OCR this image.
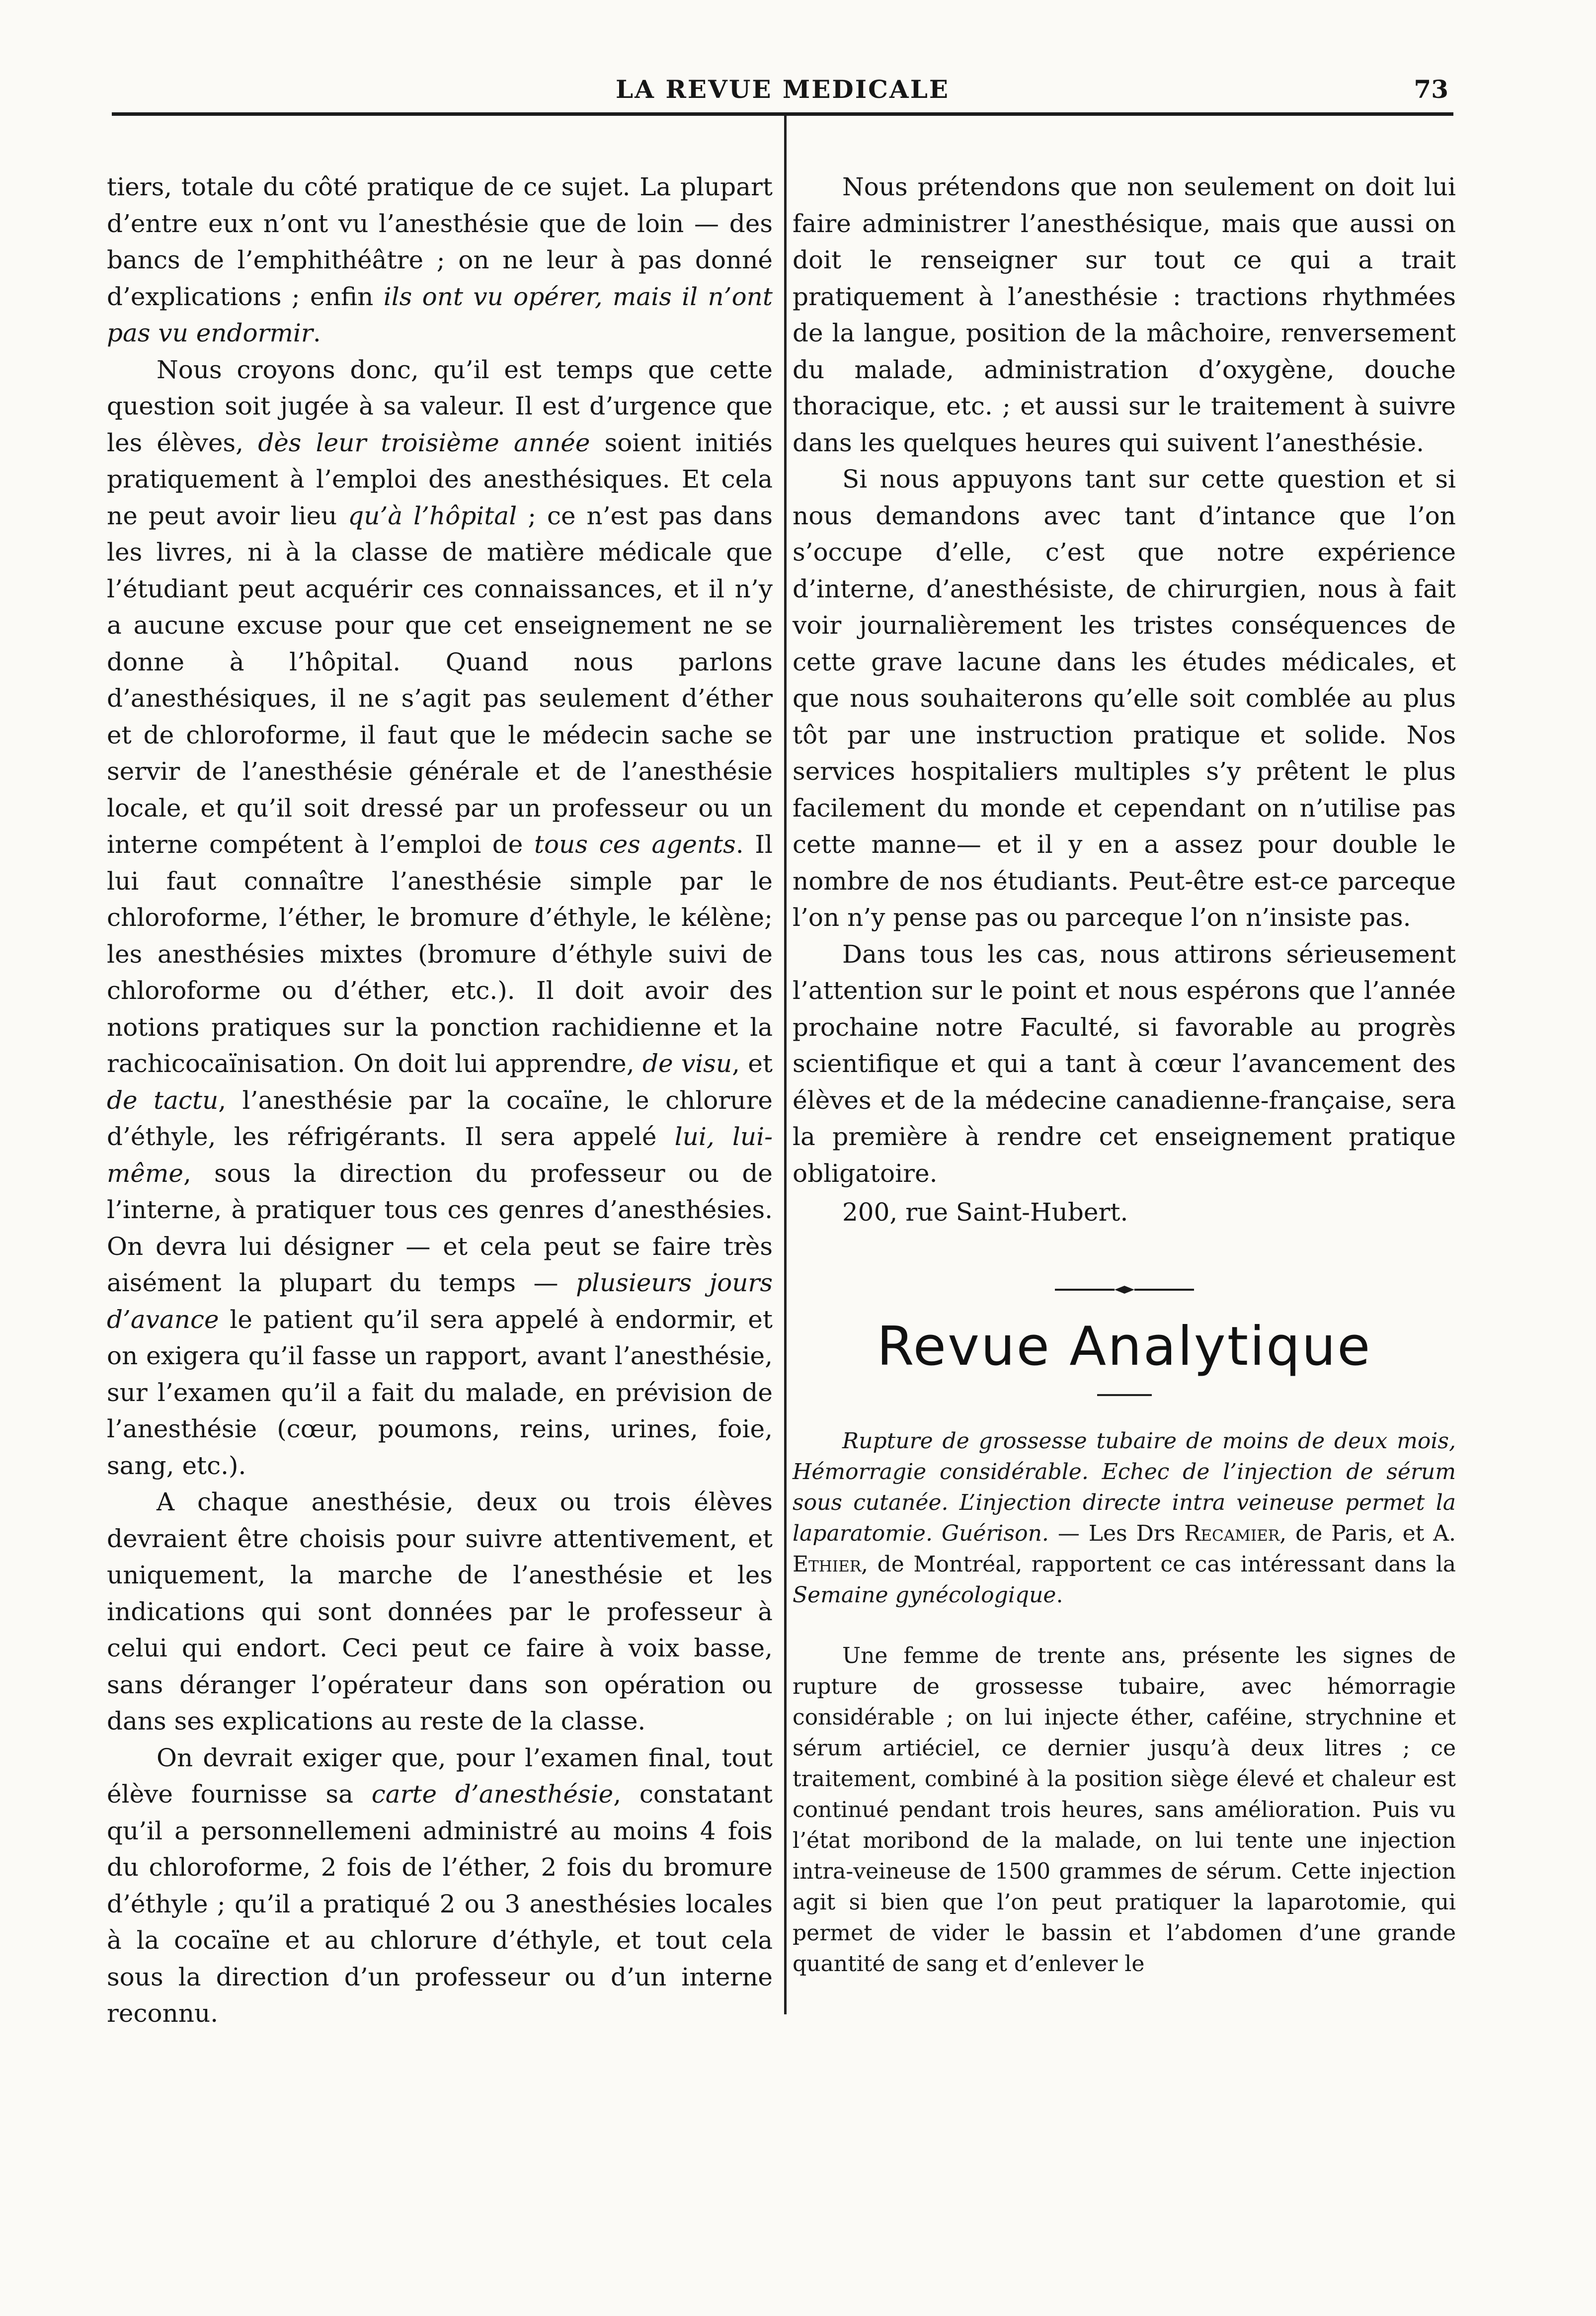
LA REVUE MEDICALE	73

tiers, totale du côté pratique de ce sujet. La plupart d’entre eux n’ont vu l’anesthésie que de loin — des bancs de l’emphithéâtre ; on ne leur à pas donné d’explications ; enfin ils ont vu opérer, mais il n’ont pas vu endormir.

Nous croyons donc, qu’il est temps que cette question soit jugée à sa valeur. Il est d’urgence que les élèves, dès leur troisième année soient initiés pratiquement à l’emploi des anesthésiques. Et cela ne peut avoir lieu qu’à l’hôpital ; ce n’est pas dans les livres, ni à la classe de matière médicale que l’étudiant peut acquérir ces connaissances, et il n’y a aucune excuse pour que cet enseignement ne se donne à l’hôpital. Quand nous parlons d’anesthésiques, il ne s’agit pas seulement d’éther et de chloroforme, il faut que le médecin sache se servir de l’anesthésie générale et de l’anesthésie locale, et qu’il soit dressé par un professeur ou un interne compétent à l’emploi de tous ces agents. Il lui faut connaître l’anesthésie simple par le chloroforme, l’éther, le bromure d’éthyle, le kélène; les anesthésies mixtes (bromure d’éthyle suivi de chloroforme ou d’éther, etc.). Il doit avoir des notions pratiques sur la ponction rachidienne et la rachicocaïnisation. On doit lui apprendre, de visu, et de tactu, l’anesthésie par la cocaïne, le chlorure d’éthyle, les réfrigérants. Il sera appelé lui, lui-même, sous la direction du professeur ou de l’interne, à pratiquer tous ces genres d’anesthésies. On devra lui désigner — et cela peut se faire très aisément la plupart du temps — plusieurs jours d’avance le patient qu’il sera appelé à endormir, et on exigera qu’il fasse un rapport, avant l’anesthésie, sur l’examen qu’il a fait du malade, en prévision de l’anesthésie (cœur, poumons, reins, urines, foie, sang, etc.).

A chaque anesthésie, deux ou trois élèves devraient être choisis pour suivre attentivement, et uniquement, la marche de l’anesthésie et les indications qui sont données par le professeur à celui qui endort. Ceci peut ce faire à voix basse, sans déranger l’opérateur dans son opération ou dans ses explications au reste de la classe.

On devrait exiger que, pour l’examen final, tout élève fournisse sa carte d’anesthésie, constatant qu’il a personnellemeni administré au moins 4 fois du chloroforme, 2 fois de l’éther, 2 fois du bromure d’éthyle ; qu’il a pratiqué 2 ou 3 anesthésies locales à la cocaïne et au chlorure d’éthyle, et tout cela sous la direction d’un professeur ou d’un interne reconnu.

Nous prétendons que non seulement on doit lui faire administrer l’anesthésique, mais que aussi on doit le renseigner sur tout ce qui a trait pratiquement à l’anesthésie : tractions rhythmées de la langue, position de la mâchoire, renversement du malade, administration d’oxygène, douche thoracique, etc. ; et aussi sur le traitement à suivre dans les quelques heures qui suivent l’anesthésie.

Si nous appuyons tant sur cette question et si nous demandons avec tant d’intance que l’on s’occupe d’elle, c’est que notre expérience d’interne, d’anesthésiste, de chirurgien, nous à fait voir journalièrement les tristes conséquences de cette grave lacune dans les études médicales, et que nous souhaiterons qu’elle soit comblée au plus tôt par une instruction pratique et solide. Nos services hospitaliers multiples s’y prêtent le plus facilement du monde et cependant on n’utilise pas cette manne— et il y en a assez pour double le nombre de nos étudiants. Peut-être est-ce parceque l’on n’y pense pas ou parceque l’on n’insiste pas.

Dans tous les cas, nous attirons sérieusement l’attention sur le point et nous espérons que l’année prochaine notre Faculté, si favorable au progrès scientifique et qui a tant à cœur l’avancement des élèves et de la médecine canadienne-française, sera la première à rendre cet enseignement pratique obligatoire.

200, rue Saint-Hubert.

Revue Analytique

Rupture de grossesse tubaire de moins de deux mois, Hémorragie considérable. Echec de l’injection de sérum sous cutanée. L’injection directe intra veineuse permet la laparatomie. Guérison. — Les Drs Recamier, de Paris, et A. Ethier, de Montréal, rapportent ce cas intéressant dans la Semaine gynécologique.

Une femme de trente ans, présente les signes de rupture de grossesse tubaire, avec hémorragie considérable ; on lui injecte éther, caféine, strychnine et sérum artiéciel, ce dernier jusqu’à deux litres ; ce traitement, combiné à la position siège élevé et chaleur est continué pendant trois heures, sans amélioration. Puis vu l’état moribond de la malade, on lui tente une injection intra-veineuse de 1500 grammes de sérum. Cette injection agit si bien que l’on peut pratiquer la laparotomie, qui permet de vider le bassin et l’abdomen d’une grande quantité de sang et d’enlever le
